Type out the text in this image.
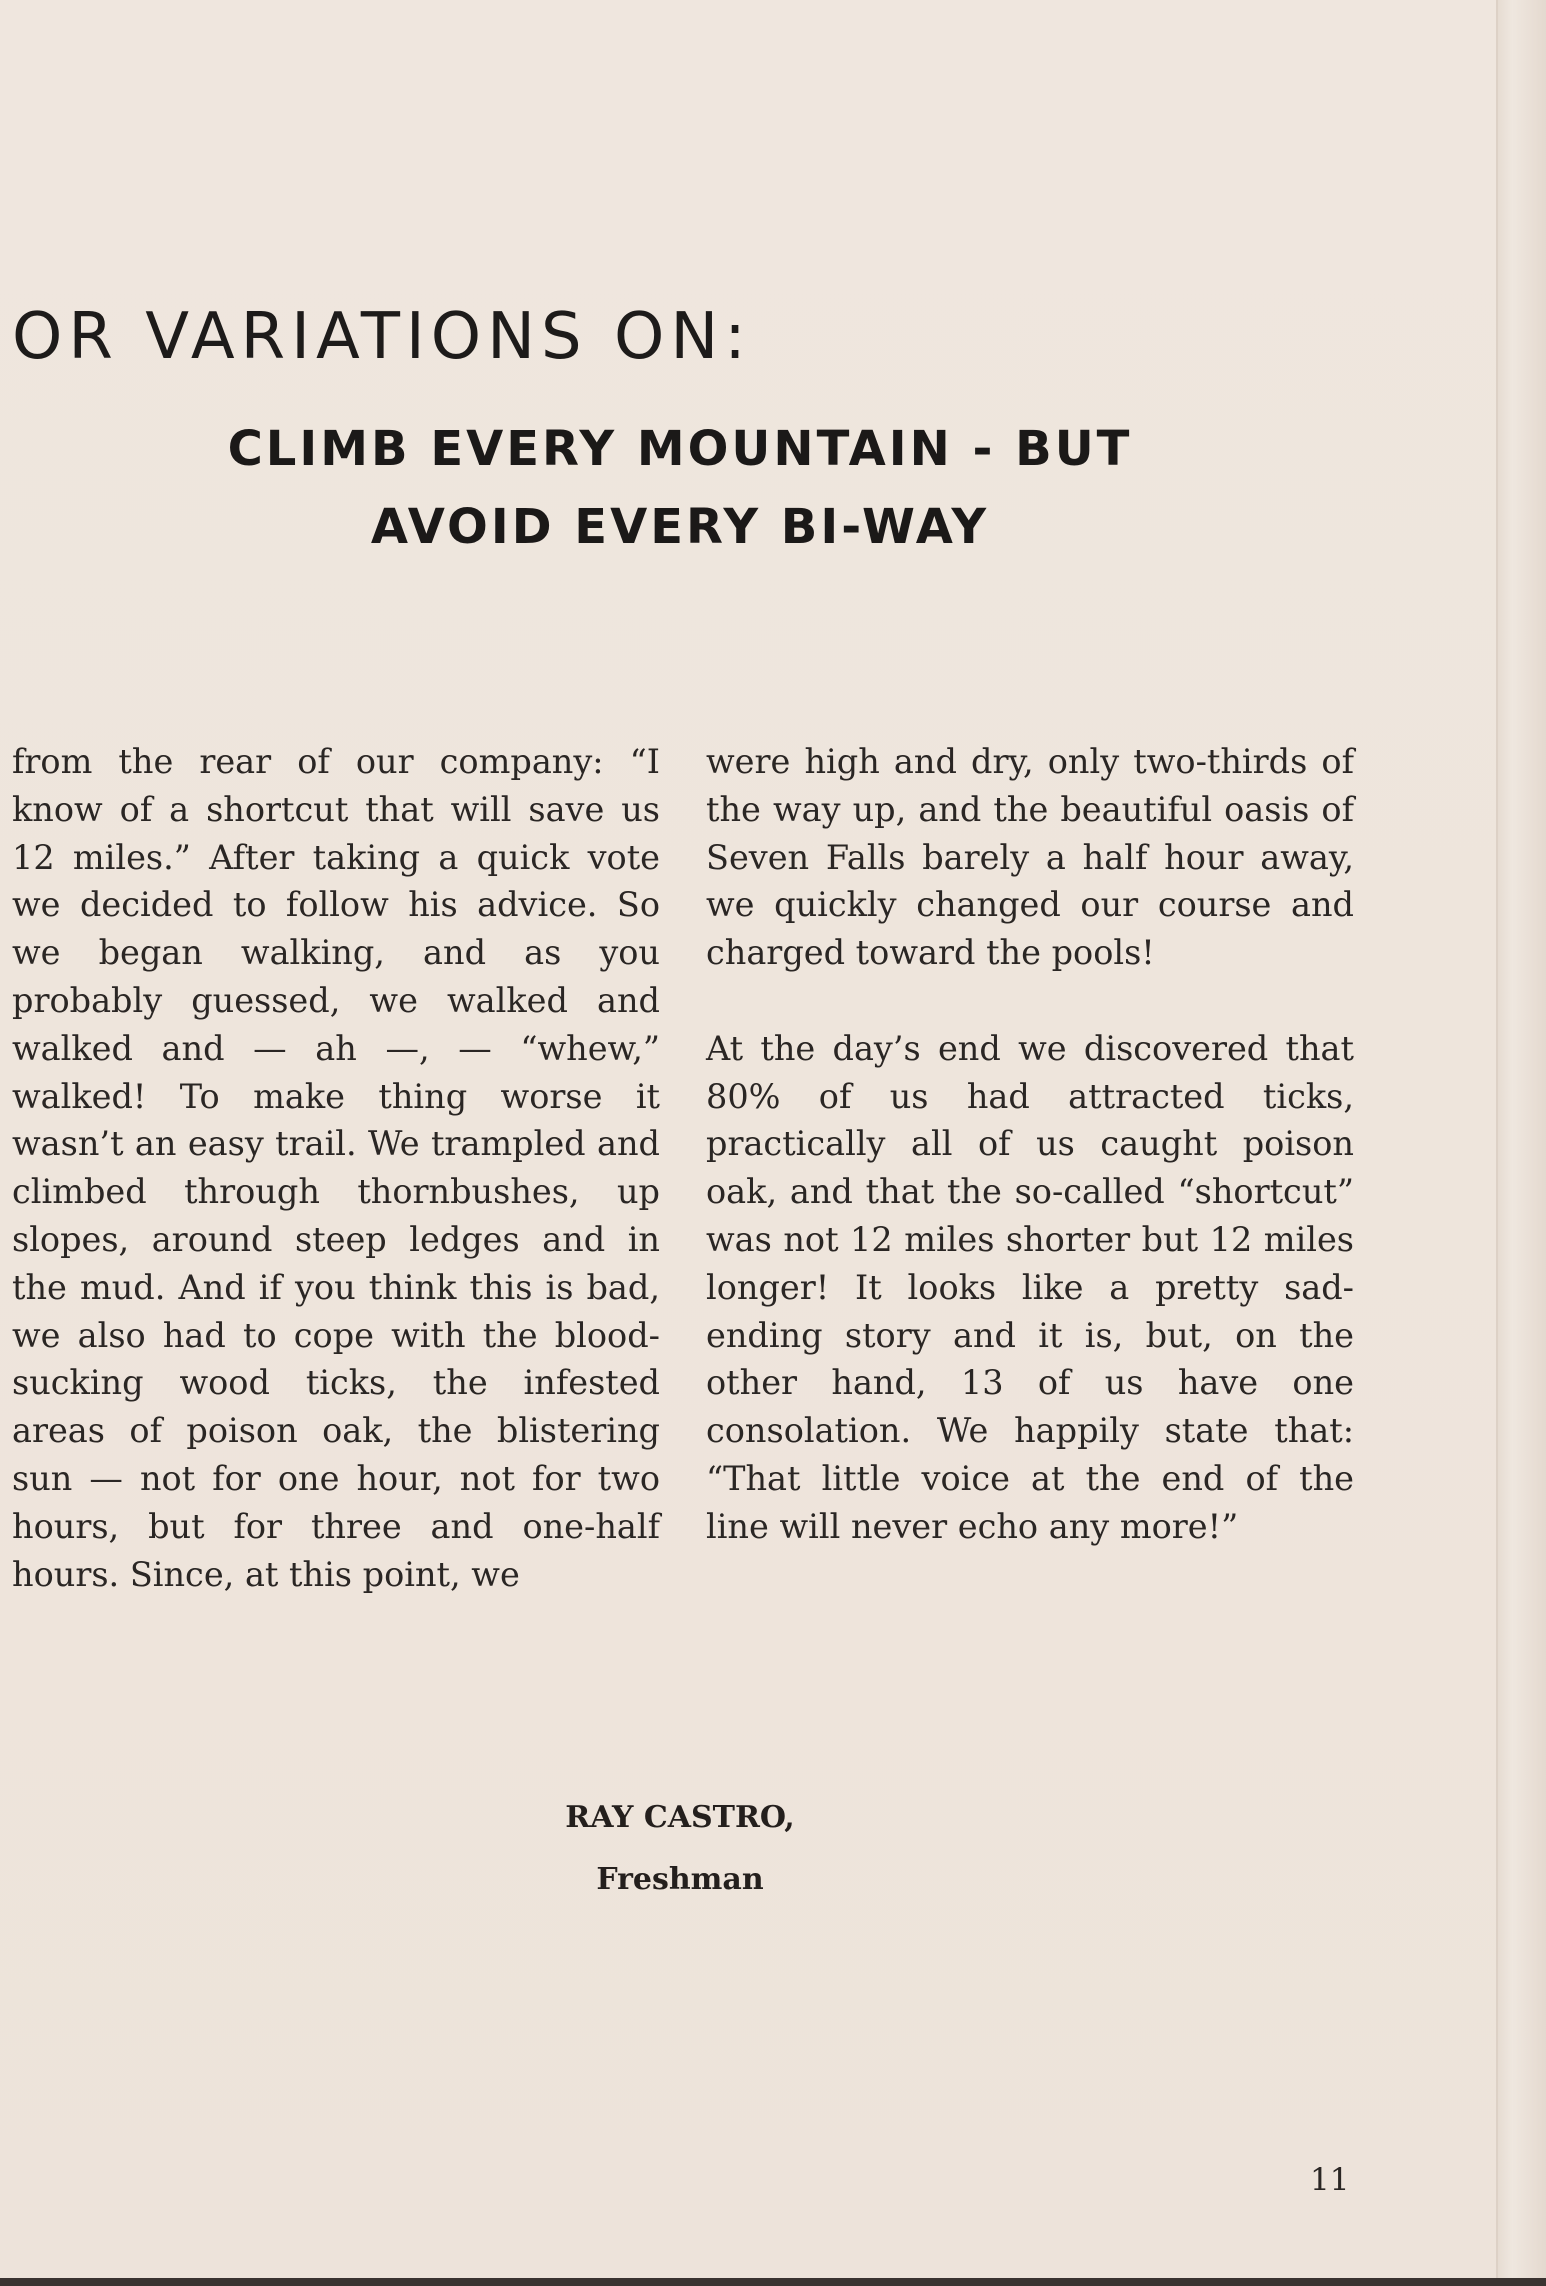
OR VARIATIONS ON:
CLIMB EVERY MOUNTAIN - BUT
AVOID EVERY BI-WAY

from the rear of our company: “I know of a shortcut that will save us 12 miles.” After taking a quick vote we decided to follow his advice. So we began walking, and as you probably guessed, we walked and walked and — ah —, — “whew,” walked! To make thing worse it wasn’t an easy trail. We trampled and climbed through thornbushes, up slopes, around steep ledges and in the mud. And if you think this is bad, we also had to cope with the blood-sucking wood ticks, the infested areas of poison oak, the blistering sun — not for one hour, not for two hours, but for three and one-half hours. Since, at this point, we

were high and dry, only two-thirds of the way up, and the beautiful oasis of Seven Falls barely a half hour away, we quickly changed our course and charged toward the pools!

At the day’s end we discovered that 80% of us had attracted ticks, practically all of us caught poison oak, and that the so-called “shortcut” was not 12 miles shorter but 12 miles longer! It looks like a pretty sad-ending story and it is, but, on the other hand, 13 of us have one consolation. We happily state that: “That little voice at the end of the line will never echo any more!”

RAY CASTRO,
Freshman
11
